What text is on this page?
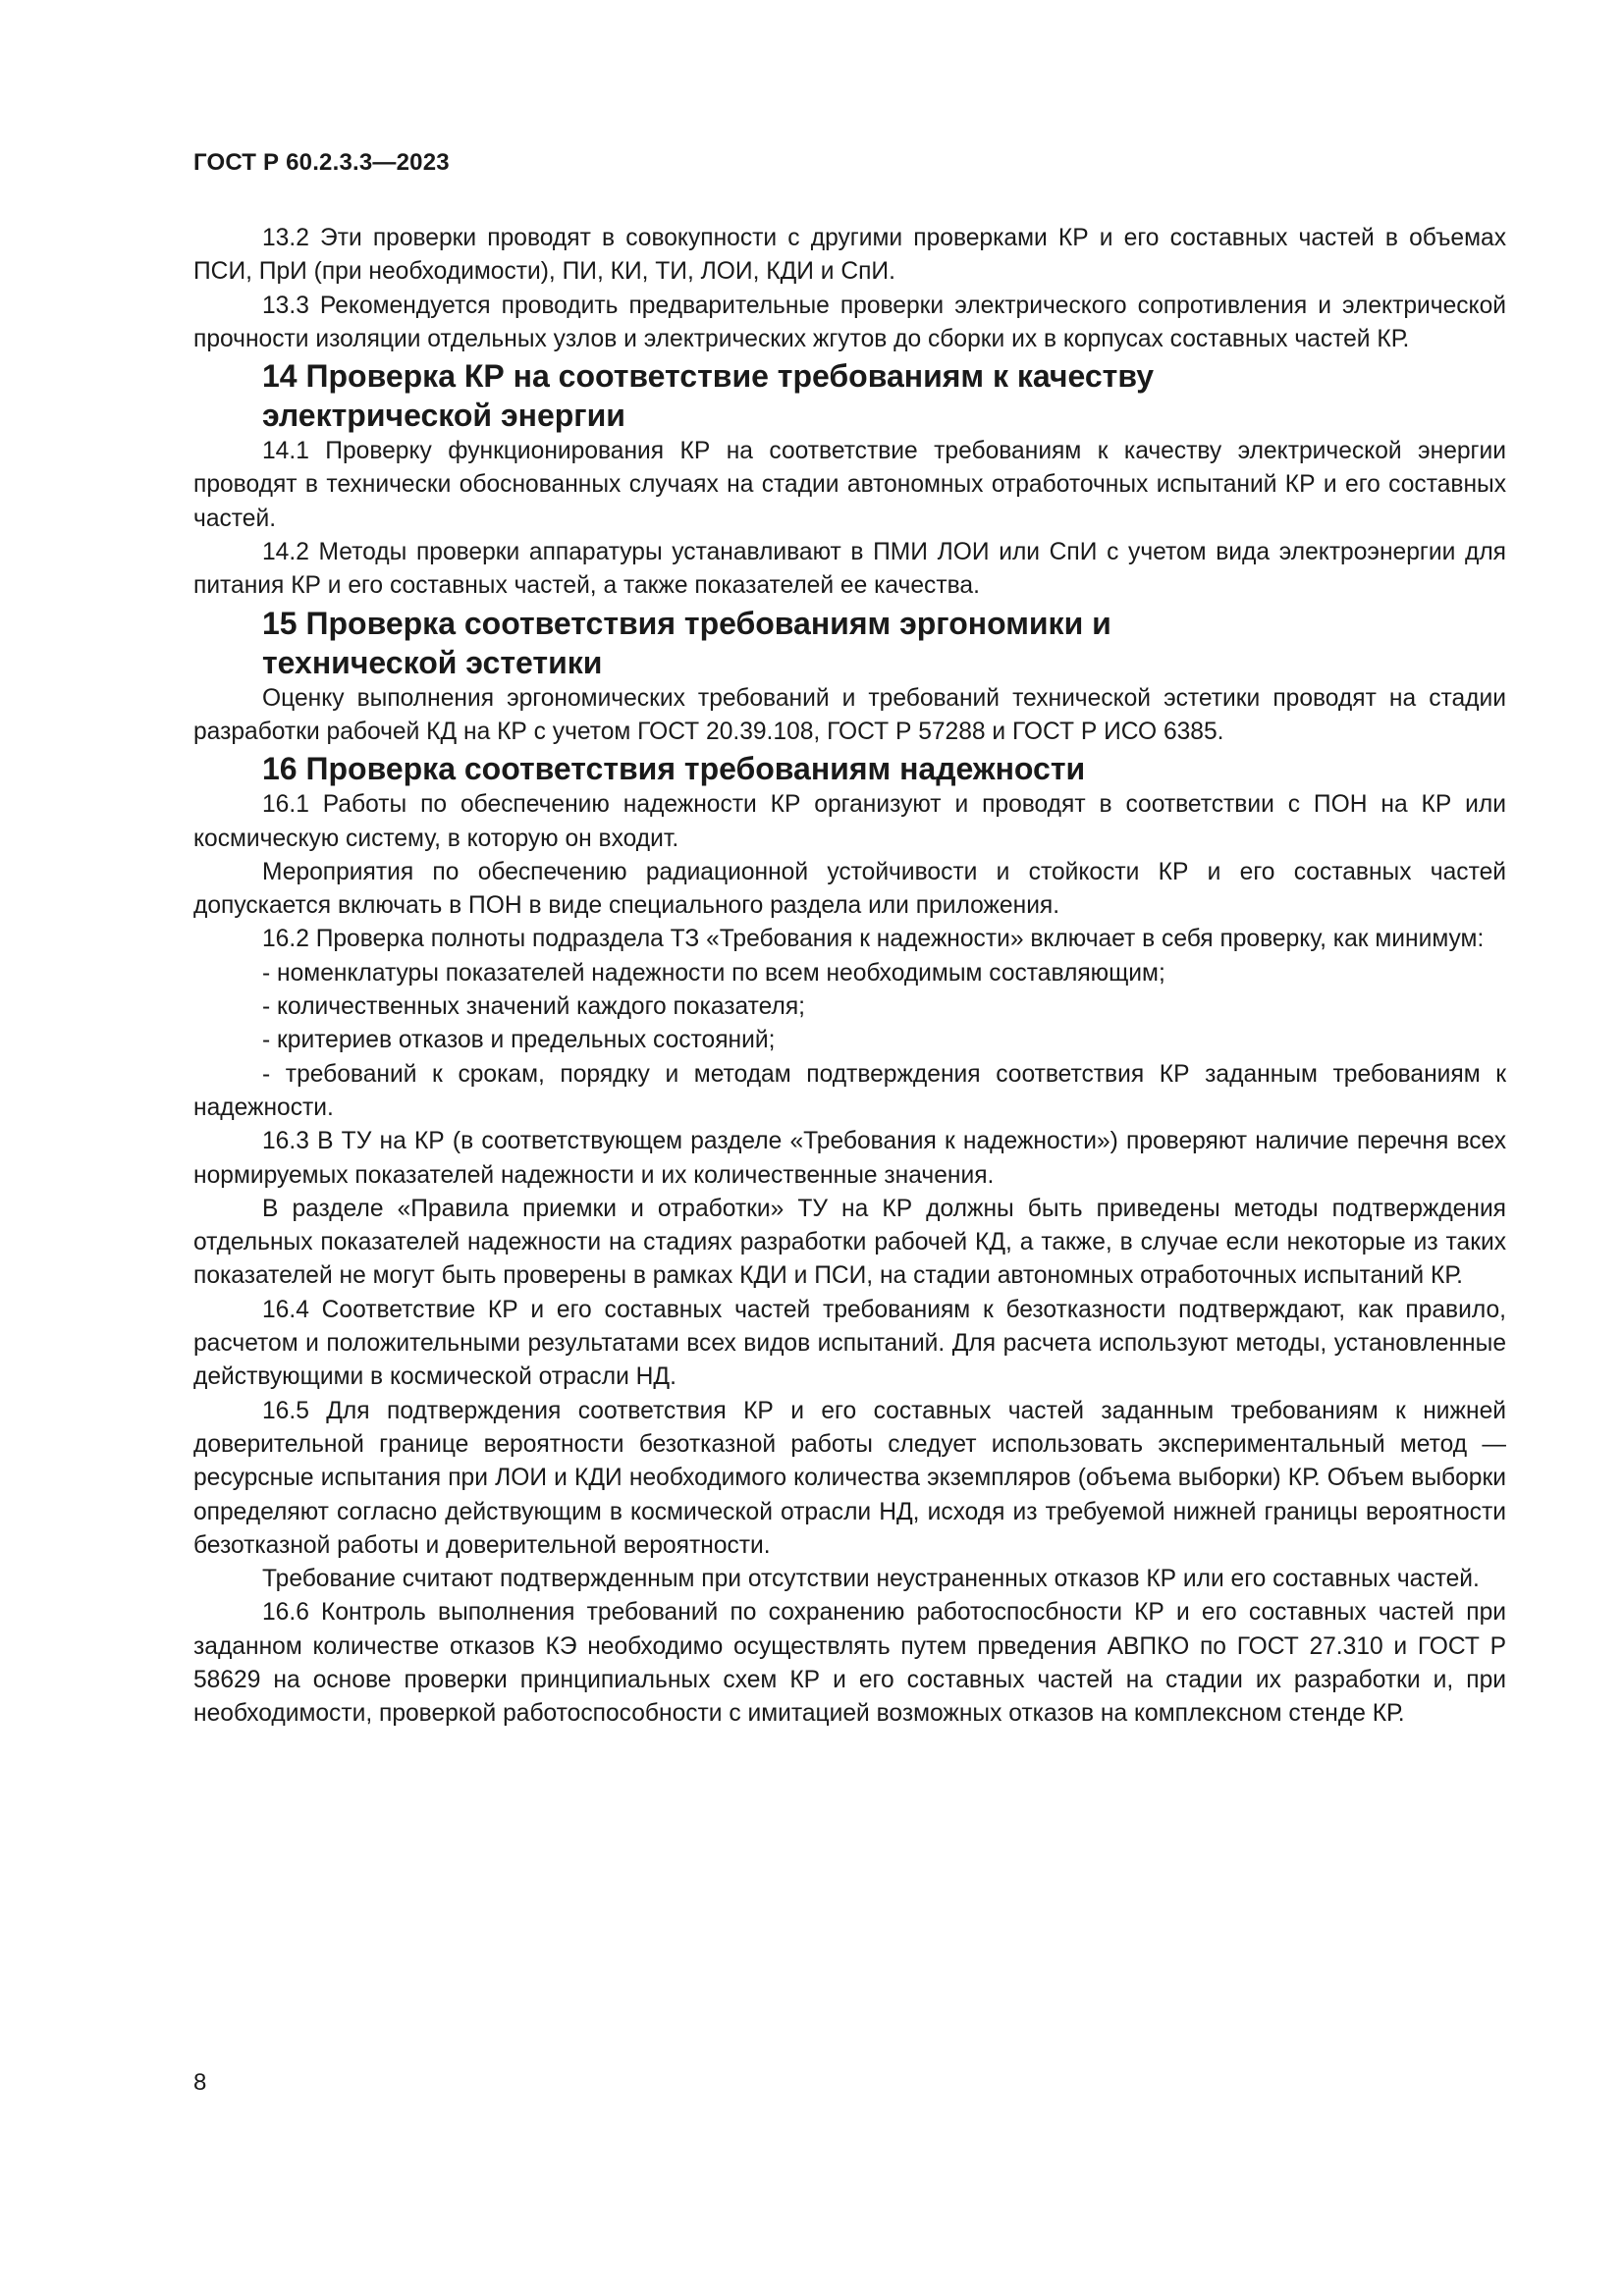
ГОСТ Р 60.2.3.3—2023

13.2 Эти проверки проводят в совокупности с другими проверками КР и его составных частей в объемах ПСИ, ПрИ (при необходимости), ПИ, КИ, ТИ, ЛОИ, КДИ и СпИ.

13.3 Рекомендуется проводить предварительные проверки электрического сопротивления и электрической прочности изоляции отдельных узлов и электрических жгутов до сборки их в корпусах составных частей КР.

14 Проверка КР на соответствие требованиям к качеству электрической энергии

14.1 Проверку функционирования КР на соответствие требованиям к качеству электрической энергии проводят в технически обоснованных случаях на стадии автономных отработочных испытаний КР и его составных частей.

14.2 Методы проверки аппаратуры устанавливают в ПМИ ЛОИ или СпИ с учетом вида электроэнергии для питания КР и его составных частей, а также показателей ее качества.

15 Проверка соответствия требованиям эргономики и технической эстетики

Оценку выполнения эргономических требований и требований технической эстетики проводят на стадии разработки рабочей КД на КР с учетом ГОСТ 20.39.108, ГОСТ Р 57288 и ГОСТ Р ИСО 6385.

16 Проверка соответствия требованиям надежности

16.1 Работы по обеспечению надежности КР организуют и проводят в соответствии с ПОН на КР или космическую систему, в которую он входит.

Мероприятия по обеспечению радиационной устойчивости и стойкости КР и его составных частей допускается включать в ПОН в виде специального раздела или приложения.

16.2 Проверка полноты подраздела ТЗ «Требования к надежности» включает в себя проверку, как минимум:

- номенклатуры показателей надежности по всем необходимым составляющим;

- количественных значений каждого показателя;

- критериев отказов и предельных состояний;

- требований к срокам, порядку и методам подтверждения соответствия КР заданным требованиям к надежности.

16.3 В ТУ на КР (в соответствующем разделе «Требования к надежности») проверяют наличие перечня всех нормируемых показателей надежности и их количественные значения.

В разделе «Правила приемки и отработки» ТУ на КР должны быть приведены методы подтверждения отдельных показателей надежности на стадиях разработки рабочей КД, а также, в случае если некоторые из таких показателей не могут быть проверены в рамках КДИ и ПСИ, на стадии автономных отработочных испытаний КР.

16.4 Соответствие КР и его составных частей требованиям к безотказности подтверждают, как правило, расчетом и положительными результатами всех видов испытаний. Для расчета используют методы, установленные действующими в космической отрасли НД.

16.5 Для подтверждения соответствия КР и его составных частей заданным требованиям к нижней доверительной границе вероятности безотказной работы следует использовать экспериментальный метод — ресурсные испытания при ЛОИ и КДИ необходимого количества экземпляров (объема выборки) КР. Объем выборки определяют согласно действующим в космической отрасли НД, исходя из требуемой нижней границы вероятности безотказной работы и доверительной вероятности.

Требование считают подтвержденным при отсутствии неустраненных отказов КР или его составных частей.

16.6 Контроль выполнения требований по сохранению работоспосбности КР и его составных частей при заданном количестве отказов КЭ необходимо осуществлять путем прведения АВПКО по ГОСТ 27.310 и ГОСТ Р 58629 на основе проверки принципиальных схем КР и его составных частей на стадии их разработки и, при необходимости, проверкой работоспособности с имитацией возможных отказов на комплексном стенде КР.

8
